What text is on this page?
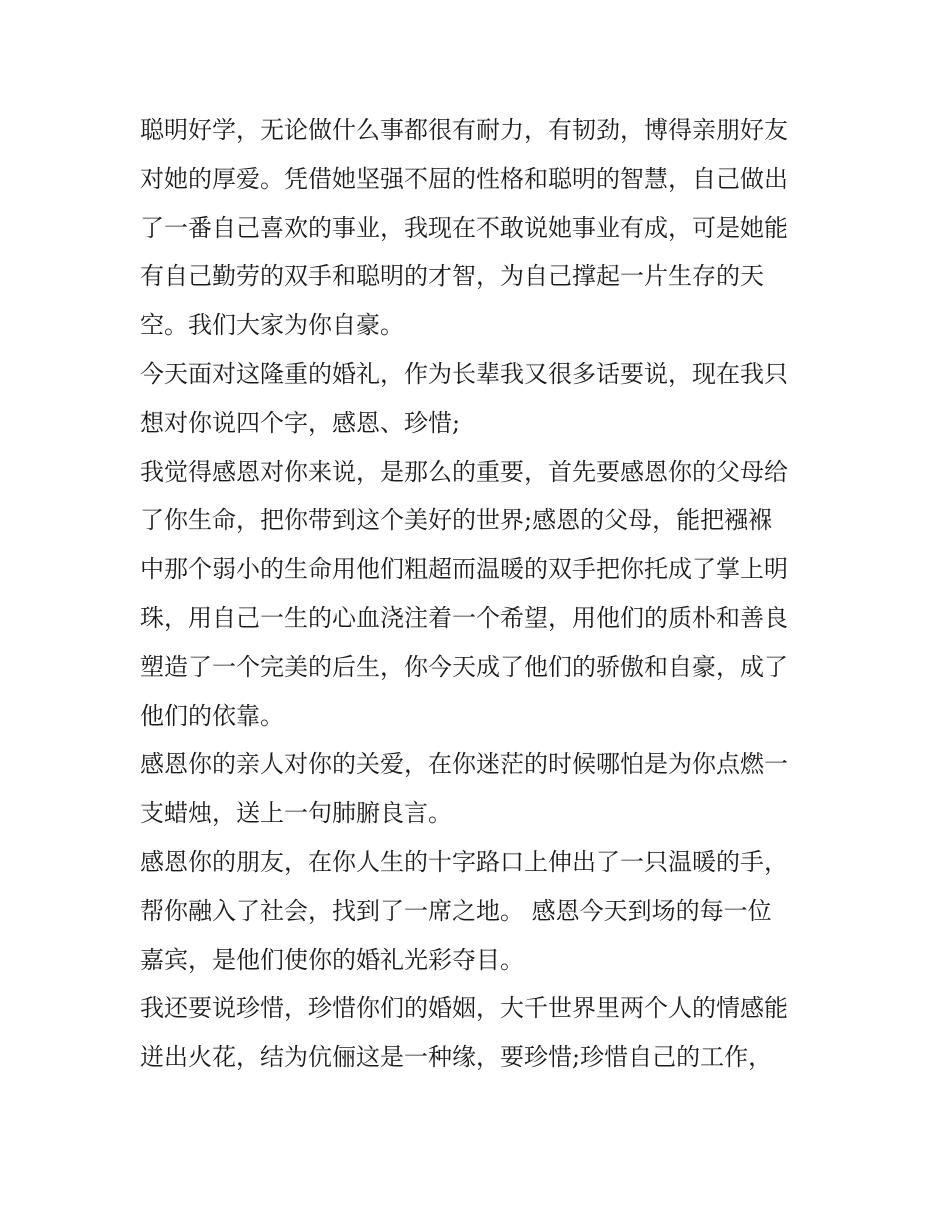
聪明好学，无论做什么事都很有耐力，有韧劲，博得亲朋好友
对她的厚爱。凭借她坚强不屈的性格和聪明的智慧，自己做出
了一番自己喜欢的事业，我现在不敢说她事业有成，可是她能
有自己勤劳的双手和聪明的才智，为自己撑起一片生存的天
空。我们大家为你自豪。
今天面对这隆重的婚礼，作为长辈我又很多话要说，现在我只
想对你说四个字，感恩、珍惜;
我觉得感恩对你来说，是那么的重要，首先要感恩你的父母给
了你生命，把你带到这个美好的世界;感恩的父母，能把襁褓
中那个弱小的生命用他们粗超而温暖的双手把你托成了掌上明
珠，用自己一生的心血浇注着一个希望，用他们的质朴和善良
塑造了一个完美的后生，你今天成了他们的骄傲和自豪，成了
他们的依靠。
感恩你的亲人对你的关爱，在你迷茫的时候哪怕是为你点燃一
支蜡烛，送上一句肺腑良言。
感恩你的朋友，在你人生的十字路口上伸出了一只温暖的手，
帮你融入了社会，找到了一席之地。 感恩今天到场的每一位
嘉宾，是他们使你的婚礼光彩夺目。
我还要说珍惜，珍惜你们的婚姻，大千世界里两个人的情感能
迸出火花，结为伉俪这是一种缘，要珍惜;珍惜自己的工作，
